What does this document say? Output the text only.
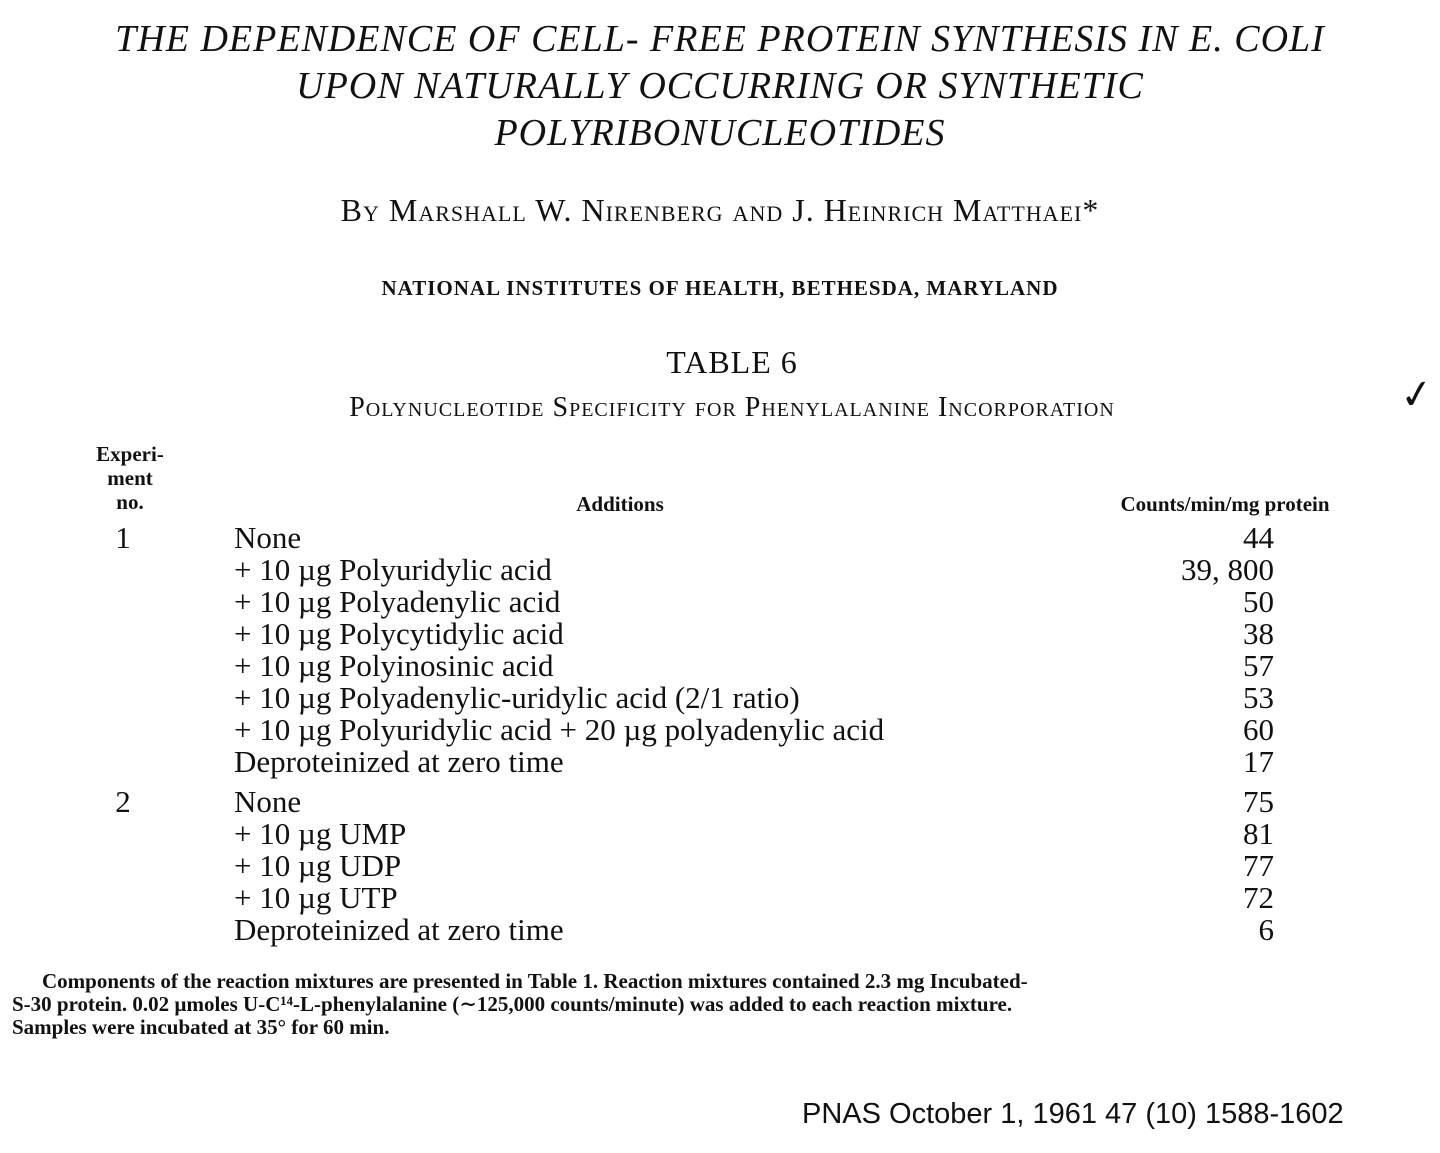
THE DEPENDENCE OF CELL- FREE PROTEIN SYNTHESIS IN E. COLI
UPON NATURALLY OCCURRING OR SYNTHETIC
POLYRIBONUCLEOTIDES
By Marshall W. Nirenberg and J. Heinrich Matthaei*
NATIONAL INSTITUTES OF HEALTH, BETHESDA, MARYLAND
TABLE 6
Polynucleotide Specificity for Phenylalanine Incorporation	✓
Experi-
ment
no.	Additions	Counts/min/mg protein
1	None	44
+ 10 µg Polyuridylic acid	39, 800
+ 10 µg Polyadenylic acid	50
+ 10 µg Polycytidylic acid	38
+ 10 µg Polyinosinic acid	57
+ 10 µg Polyadenylic-uridylic acid (2/1 ratio)	53
+ 10 µg Polyuridylic acid + 20 µg polyadenylic acid	60
Deproteinized at zero time	17
2	None	75
+ 10 µg UMP	81
+ 10 µg UDP	77
+ 10 µg UTP	72
Deproteinized at zero time	6

Components of the reaction mixtures are presented in Table 1. Reaction mixtures contained 2.3 mg Incubated-

S-30 protein. 0.02 µmoles U-C¹⁴-L-phenylalanine (∼125,000 counts/minute) was added to each reaction mixture.

Samples were incubated at 35° for 60 min.

PNAS October 1, 1961 47 (10) 1588-1602
